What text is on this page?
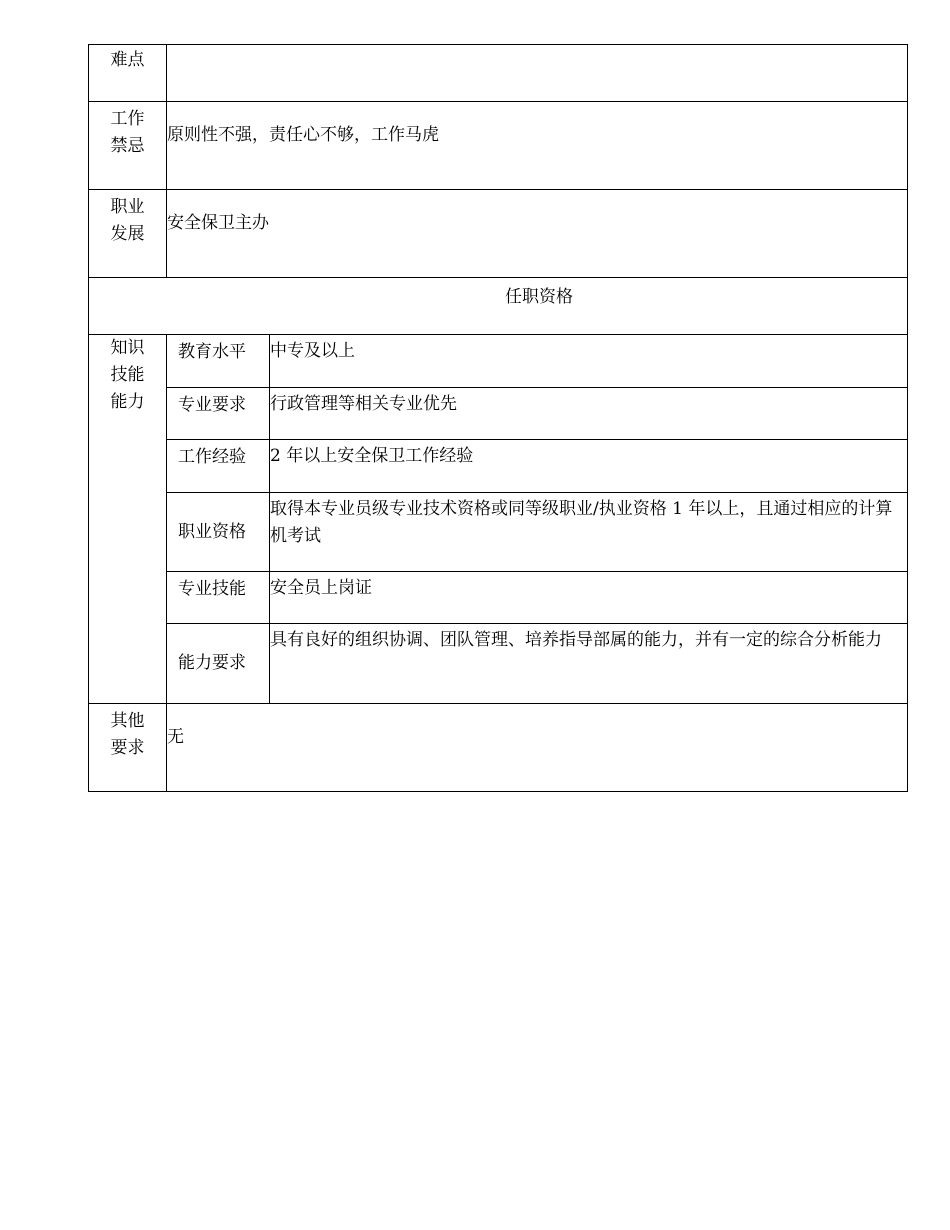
难点		

工作禁忌	原则性不强，责任心不够，工作马虎	

职业发展	安全保卫主办	

任职资格		

知识技能能力	教育水平	中专及以上
	专业要求	行政管理等相关专业优先
	工作经验	2 年以上安全保卫工作经验
	职业资格	取得本专业员级专业技术资格或同等级职业/执业资格 1 年以上，且通过相应的计算机考试
	专业技能	安全员上岗证
	能力要求	具有良好的组织协调、团队管理、培养指导部属的能力，并有一定的综合分析能力

其他要求	无	
